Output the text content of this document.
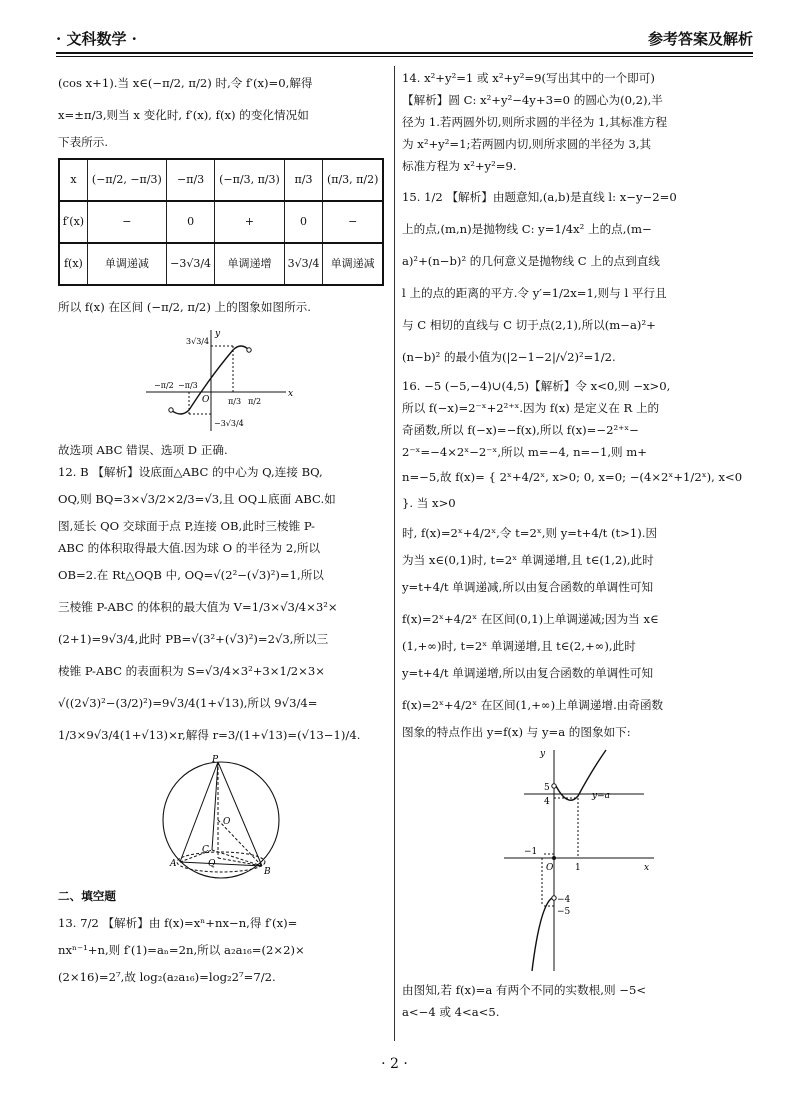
· 文科数学 ·	参考答案及解析

(cos x+1).当 x∈(−π/2, π/2) 时,令 f′(x)=0,解得

x=±π/3,则当 x 变化时, f′(x), f(x) 的变化情况如

下表所示.

x	(−π/2, −π/3)	−π/3	(−π/3, π/3)	π/3	(π/3, π/2)
f′(x)	−	0	+	0	−
f(x)	单调递减	−3√3/4	单调递增	3√3/4	单调递减

所以 f(x) 在区间 (−π/2, π/2) 上的图象如图所示.

y
x
O
3√3/4
−3√3/4
−π/2 −π/3
π/3 π/2

故选项 ABC 错误、选项 D 正确.

12. B 【解析】设底面△ABC 的中心为 Q,连接 BQ,

OQ,则 BQ=3×√3/2×2/3=√3,且 OQ⊥底面 ABC.如

图,延长 QO 交球面于点 P,连接 OB,此时三棱锥 P-

ABC 的体积取得最大值.因为球 O 的半径为 2,所以

OB=2.在 Rt△OQB 中, OQ=√(2²−(√3)²)=1,所以

三棱锥 P-ABC 的体积的最大值为 V=1/3×√3/4×3²×

(2+1)=9√3/4,此时 PB=√(3²+(√3)²)=2√3,所以三

棱锥 P-ABC 的表面积为 S=√3/4×3²+3×1/2×3×

√((2√3)²−(3/2)²)=9√3/4(1+√13),所以 9√3/4=

1/3×9√3/4(1+√13)×r,解得 r=3/(1+√13)=(√13−1)/4.

P
O
C
Q
A
B

二、填空题

13. 7/2 【解析】由 f(x)=xⁿ+nx−n,得 f′(x)=

nxⁿ⁻¹+n,则 f′(1)=aₙ=2n,所以 a₂a₁₆=(2×2)×

(2×16)=2⁷,故 log₂(a₂a₁₆)=log₂2⁷=7/2.

14. x²+y²=1 或 x²+y²=9(写出其中的一个即可)

【解析】圆 C: x²+y²−4y+3=0 的圆心为(0,2),半

径为 1.若两圆外切,则所求圆的半径为 1,其标准方程

为 x²+y²=1;若两圆内切,则所求圆的半径为 3,其

标准方程为 x²+y²=9.

15. 1/2 【解析】由题意知,(a,b)是直线 l: x−y−2=0

上的点,(m,n)是抛物线 C: y=1/4x² 上的点,(m−

a)²+(n−b)² 的几何意义是抛物线 C 上的点到直线

l 上的点的距离的平方.令 y′=1/2x=1,则与 l 平行且

与 C 相切的直线与 C 切于点(2,1),所以(m−a)²+

(n−b)² 的最小值为(|2−1−2|/√2)²=1/2.

16. −5 (−5,−4)∪(4,5)【解析】令 x<0,则 −x>0,

所以 f(−x)=2⁻ˣ+2²⁺ˣ.因为 f(x) 是定义在 R 上的

奇函数,所以 f(−x)=−f(x),所以 f(x)=−2²⁺ˣ−

2⁻ˣ=−4×2ˣ−2⁻ˣ,所以 m=−4, n=−1,则 m+

n=−5,故 f(x)= { 2ˣ+4/2ˣ, x>0; 0, x=0; −(4×2ˣ+1/2ˣ), x<0 }. 当 x>0

时, f(x)=2ˣ+4/2ˣ,令 t=2ˣ,则 y=t+4/t (t>1).因

为当 x∈(0,1)时, t=2ˣ 单调递增,且 t∈(1,2),此时

y=t+4/t 单调递减,所以由复合函数的单调性可知

f(x)=2ˣ+4/2ˣ 在区间(0,1)上单调递减;因为当 x∈

(1,+∞)时, t=2ˣ 单调递增,且 t∈(2,+∞),此时

y=t+4/t 单调递增,所以由复合函数的单调性可知

f(x)=2ˣ+4/2ˣ 在区间(1,+∞)上单调递增.由奇函数

图象的特点作出 y=f(x) 与 y=a 的图象如下:

y
x
O
5
4
−1
1
−4
−5
y=a

由图知,若 f(x)=a 有两个不同的实数根,则 −5<

a<−4 或 4<a<5.

· 2 ·
